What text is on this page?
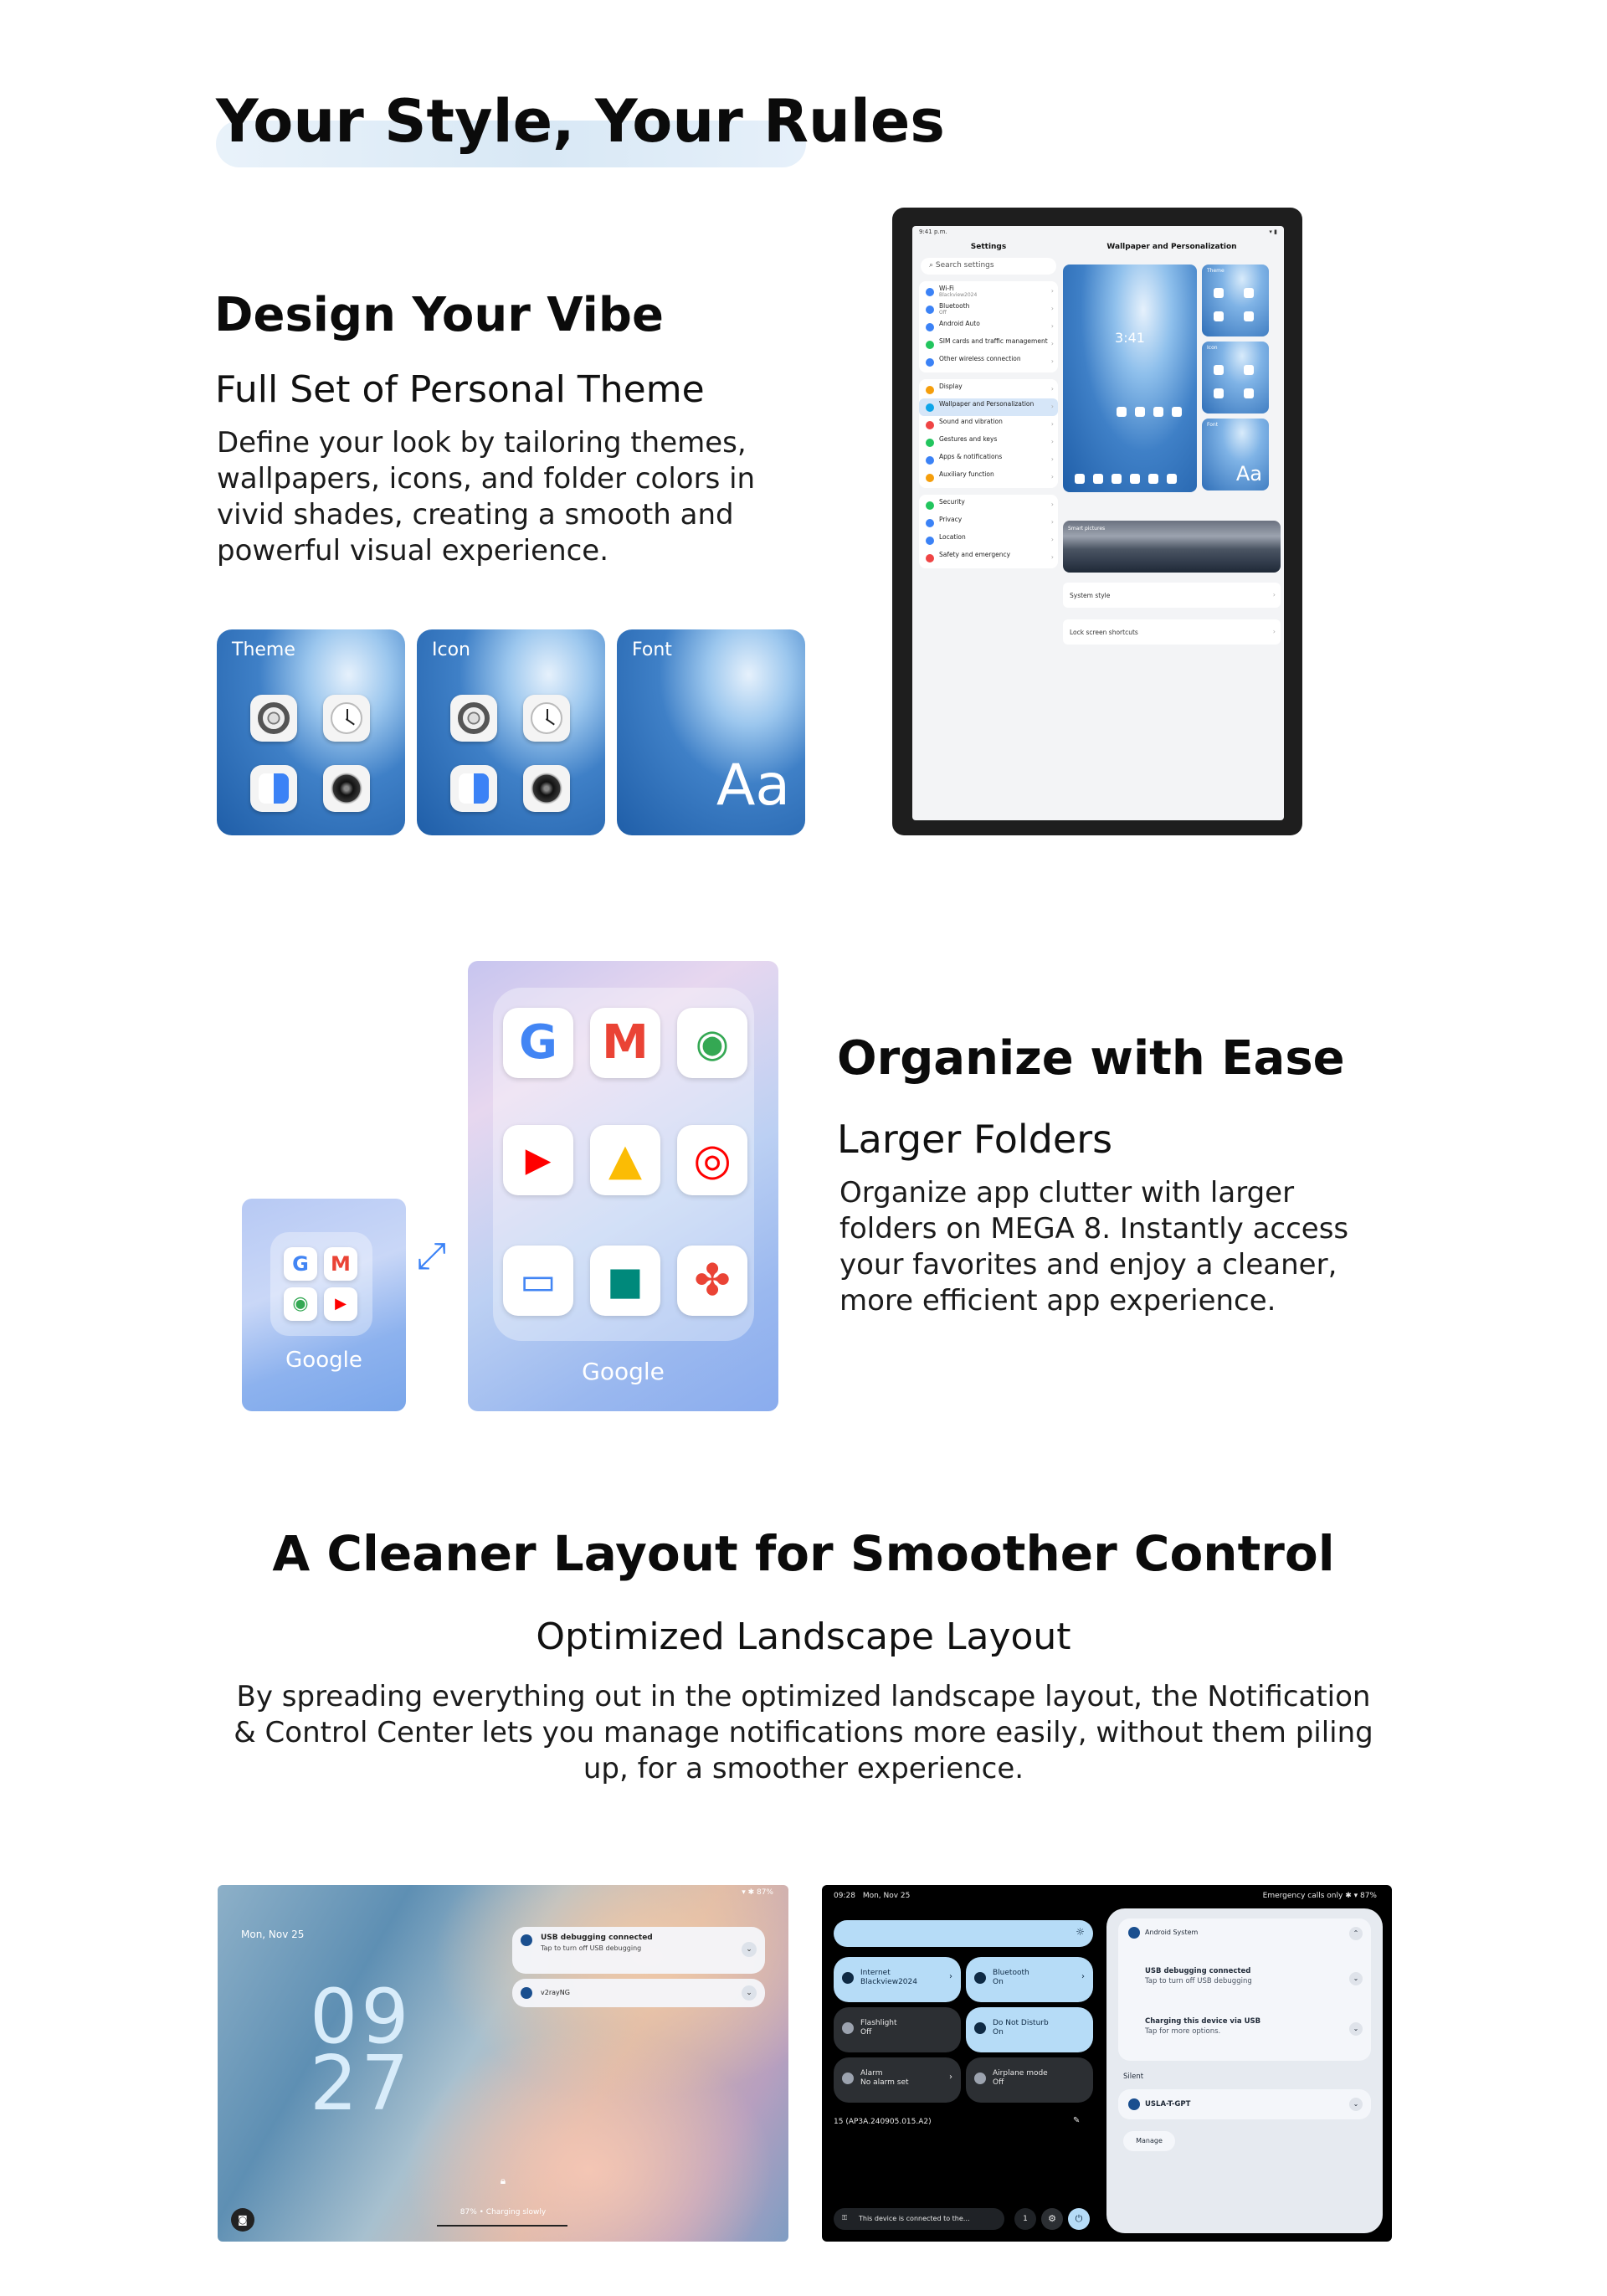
Your Style, Your Rules
Design Your Vibe
Full Set of Personal Theme
Define your look by tailoring themes,
wallpapers, icons, and folder colors in
vivid shades, creating a smooth and
powerful visual experience.
Theme	Icon	Font
Aa
9:41 p.m.	▾ ▮
Settings
⌕ Search settings
Wi-Fi
Blackview2024
›
Bluetooth
Off
›
Android Auto	›
SIM cards and traffic management ›
Other wireless connection	›
Display	›
Wallpaper and Personalization	›
Sound and vibration	›
Gestures and keys	›
Apps & notifications	›
Auxiliary function	›
Security	›
Privacy	›
Location	›
Safety and emergency	›
Wallpaper and Personalization
3:41
Theme
Icon
Font
Aa
Smart pictures
System style	›
Lock screen shortcuts	›
G	M
◉	▶
Google
⤢
G M	◉
▶	▲	◎
▭	■	✤
Google
Organize with Ease
Larger Folders
Organize app clutter with larger
folders on MEGA 8. Instantly access
your favorites and enjoy a cleaner,
more efficient app experience.
A Cleaner Layout for Smoother Control
Optimized Landscape Layout
By spreading everything out in the optimized landscape layout, the Notification
& Control Center lets you manage notifications more easily, without them piling
up, for a smoother experience.
▾ ✱ 87%
Mon, Nov 25
09
27
USB debugging connected
Tap to turn off USB debugging	⌄
v2rayNG	⌄
🔒︎
87% • Charging slowly
◙
09:28 Mon, Nov 25	Emergency calls only ✱ ▾ 87%
☼
Internet
Blackview2024
›	Bluetooth
On
›
Flashlight
Off
Do Not Disturb
On
Alarm
No alarm set
›	Airplane mode
Off
15 (AP3A.240905.015.A2)	✎
⚿ This device is connected to the…	1	⚙	⏻
Android System	⌃
USB debugging connected
Tap to turn off USB debugging	⌄
Charging this device via USB
Tap for more options.	⌄
Silent
USLA-T-GPT	⌄
Manage
